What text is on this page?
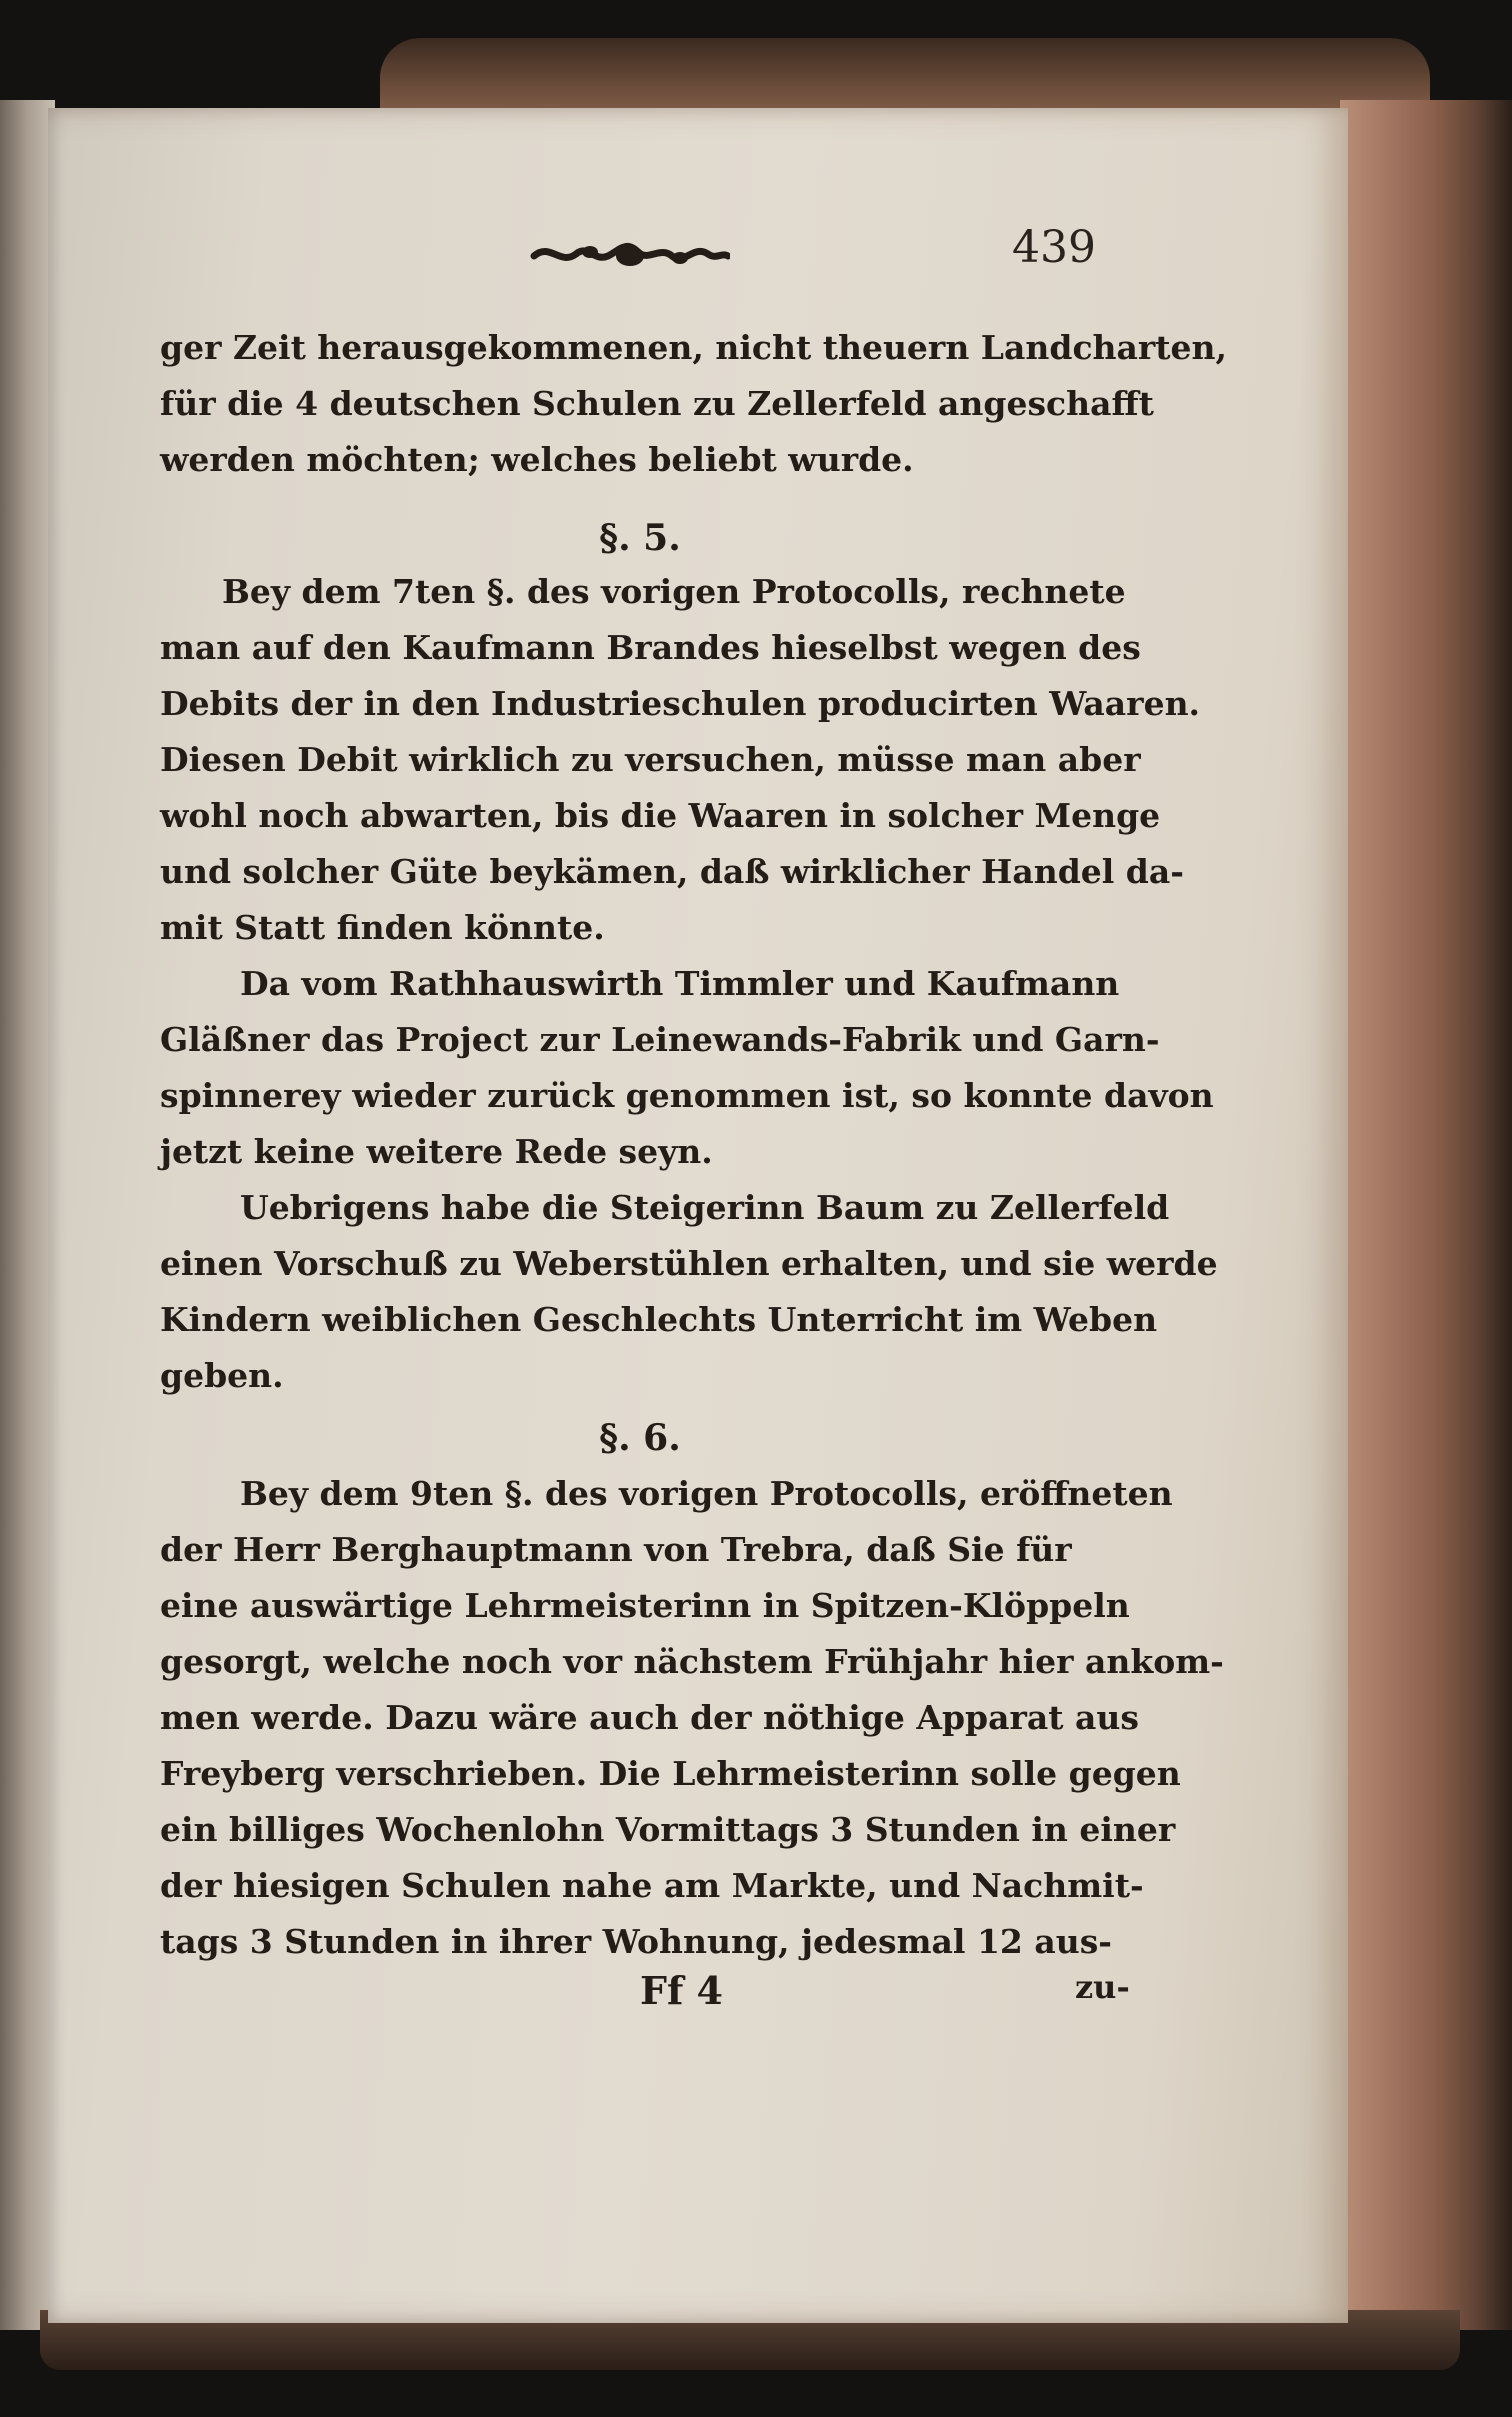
439
ger Zeit herausgekommenen, nicht theuern Landcharten,
für die 4 deutschen Schulen zu Zellerfeld angeschafft
werden möchten; welches beliebt wurde.
§. 5.
Bey dem 7ten §. des vorigen Protocolls, rechnete
man auf den Kaufmann Brandes hieselbst wegen des
Debits der in den Industrieschulen producirten Waaren.
Diesen Debit wirklich zu versuchen, müsse man aber
wohl noch abwarten, bis die Waaren in solcher Menge
und solcher Güte beykämen, daß wirklicher Handel da-
mit Statt finden könnte.
Da vom Rathhauswirth Timmler und Kaufmann
Gläßner das Project zur Leinewands-Fabrik und Garn-
spinnerey wieder zurück genommen ist, so konnte davon
jetzt keine weitere Rede seyn.
Uebrigens habe die Steigerinn Baum zu Zellerfeld
einen Vorschuß zu Weberstühlen erhalten, und sie werde
Kindern weiblichen Geschlechts Unterricht im Weben
geben.
§. 6.
Bey dem 9ten §. des vorigen Protocolls, eröffneten
der Herr Berghauptmann von Trebra, daß Sie für
eine auswärtige Lehrmeisterinn in Spitzen-Klöppeln
gesorgt, welche noch vor nächstem Frühjahr hier ankom-
men werde. Dazu wäre auch der nöthige Apparat aus
Freyberg verschrieben. Die Lehrmeisterinn solle gegen
ein billiges Wochenlohn Vormittags 3 Stunden in einer
der hiesigen Schulen nahe am Markte, und Nachmit-
tags 3 Stunden in ihrer Wohnung, jedesmal 12 aus-
Ff 4	zu-
